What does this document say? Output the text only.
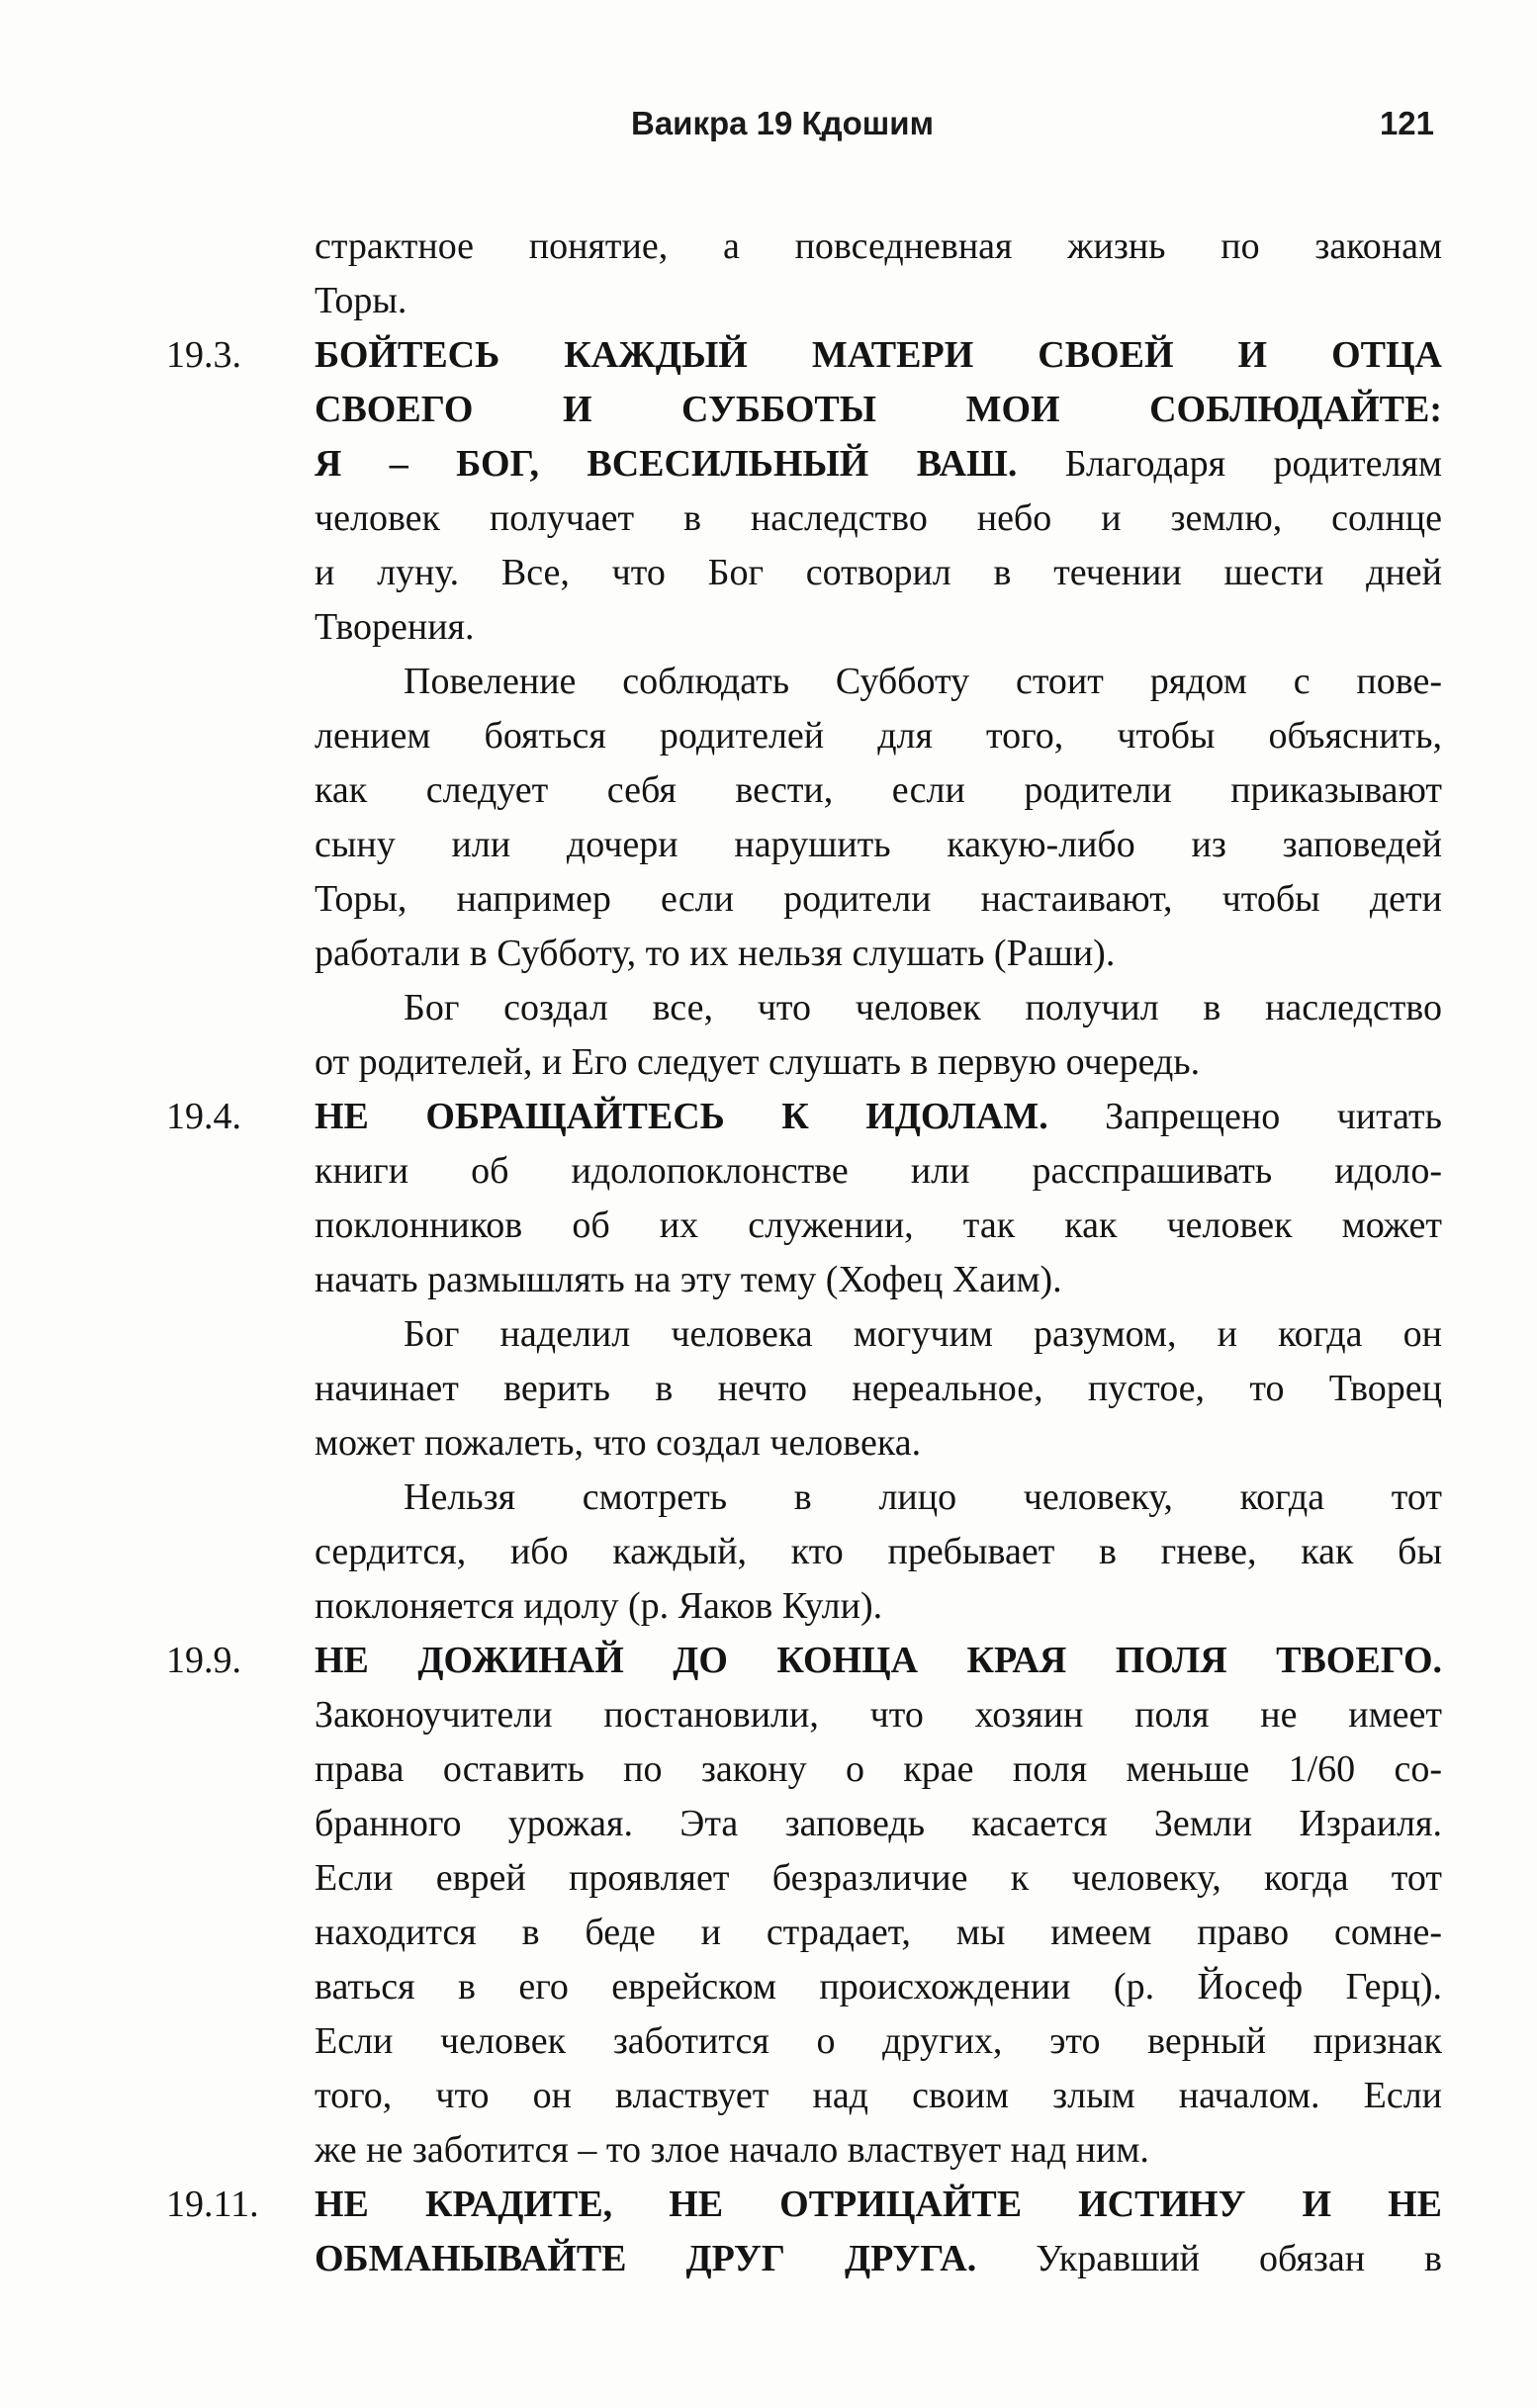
Ваикра 19 К̣дошим	121
страктное понятие, а повседневная жизнь по законам
Торы.
19.3. БОЙТЕСЬ КАЖДЫЙ МАТЕРИ СВОЕЙ И ОТЦА
СВОЕГО И СУББОТЫ МОИ СОБЛЮДАЙТЕ:
Я – БОГ, ВСЕСИЛЬНЫЙ ВАШ. Благодаря родителям
человек получает в наследство небо и землю, солнце
и луну. Все, что Бог сотворил в течении шести дней
Творения.
Повеление соблюдать Субботу стоит рядом с пове-
лением бояться родителей для того, чтобы объяснить,
как следует себя вести, если родители приказывают
сыну или дочери нарушить какую-либо из заповедей
Торы, например если родители настаивают, чтобы дети
работали в Субботу, то их нельзя слушать (Раши).
Бог создал все, что человек получил в наследство
от родителей, и Его следует слушать в первую очередь.
19.4. НЕ ОБРАЩАЙТЕСЬ К ИДОЛАМ. Запрещено читать
книги об идолопоклонстве или расспрашивать идоло-
поклонников об их служении, так как человек может
начать размышлять на эту тему (Хофец Хаим).
Бог наделил человека могучим разумом, и когда он
начинает верить в нечто нереальное, пустое, то Творец
может пожалеть, что создал человека.
Нельзя смотреть в лицо человеку, когда тот
сердится, ибо каждый, кто пребывает в гневе, как бы
поклоняется идолу (р. Яаков Кули).
19.9. НЕ ДОЖИНАЙ ДО КОНЦА КРАЯ ПОЛЯ ТВОЕГО.
Законоучители постановили, что хозяин поля не имеет
права оставить по закону о крае поля меньше 1/60 со-
бранного урожая. Эта заповедь касается Земли Израиля.
Если еврей проявляет безразличие к человеку, когда тот
находится в беде и страдает, мы имеем право сомне-
ваться в его еврейском происхождении (р. Йосеф Герц).
Если человек заботится о других, это верный признак
того, что он властвует над своим злым началом. Если
же не заботится – то злое начало властвует над ним.
19.11. НЕ КРАДИТЕ, НЕ ОТРИЦАЙТЕ ИСТИНУ И НЕ
ОБМАНЫВАЙТЕ ДРУГ ДРУГА. Укравший обязан в
